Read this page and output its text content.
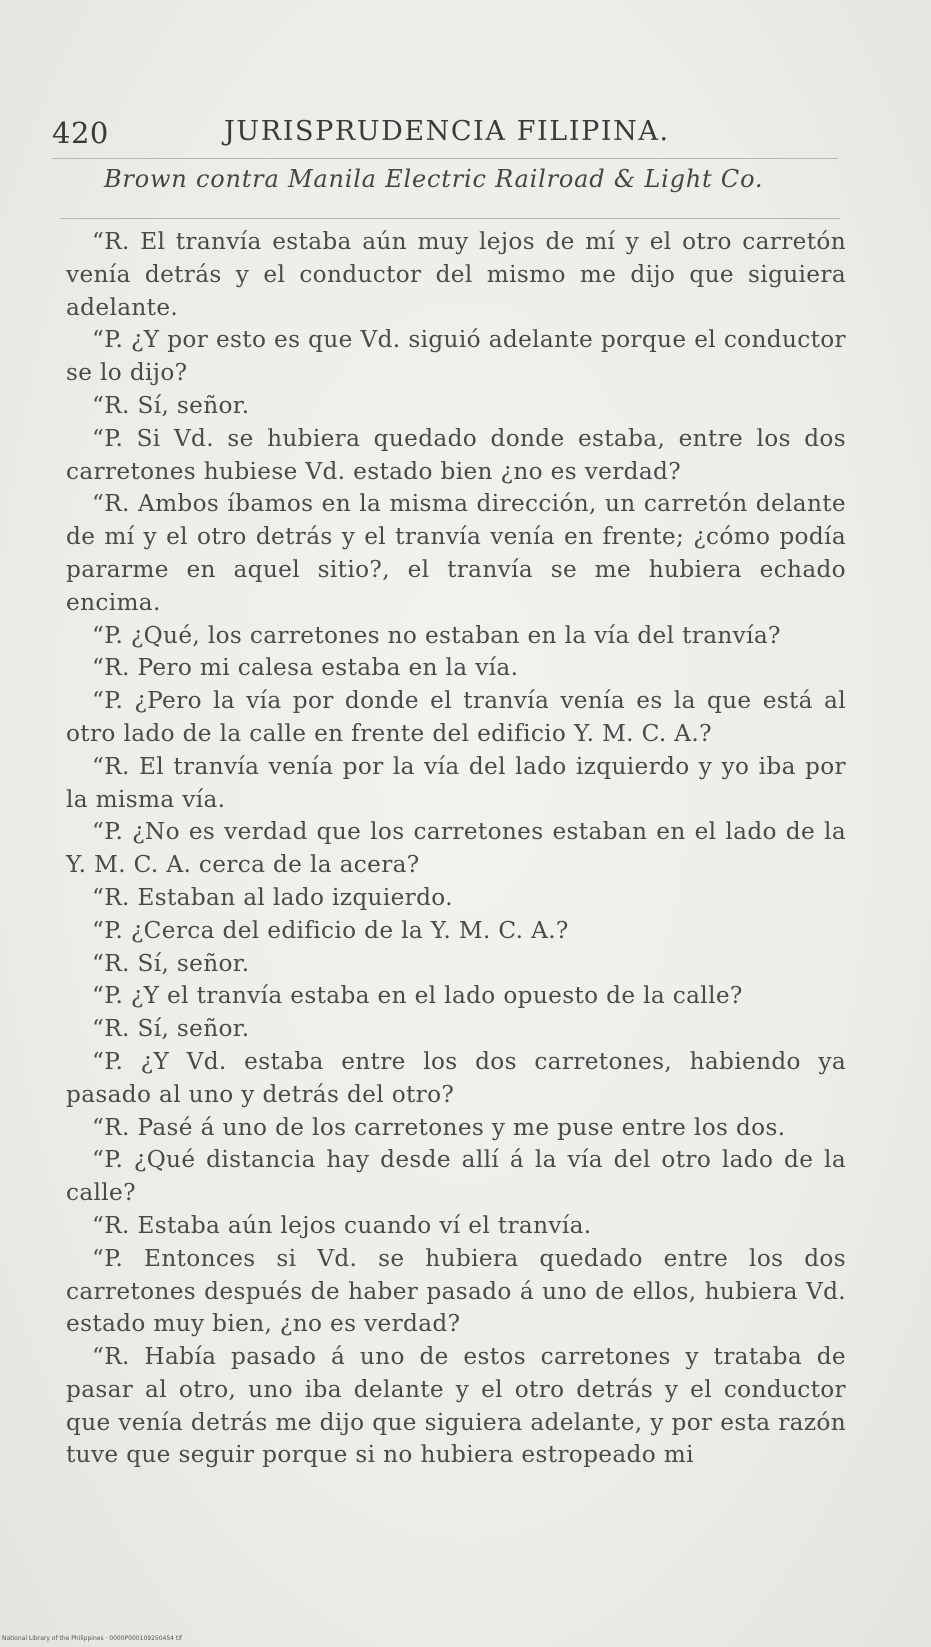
420	JURISPRUDENCIA FILIPINA.
Brown contra Manila Electric Railroad & Light Co.

“R. El tranvía estaba aún muy lejos de mí y el otro carretón venía detrás y el conductor del mismo me dijo que siguiera adelante.

“P. ¿Y por esto es que Vd. siguió adelante porque el conductor se lo dijo?

“R. Sí, señor.

“P. Si Vd. se hubiera quedado donde estaba, entre los dos carretones hubiese Vd. estado bien ¿no es verdad?

“R. Ambos íbamos en la misma dirección, un carretón delante de mí y el otro detrás y el tranvía venía en frente; ¿cómo podía pararme en aquel sitio?, el tranvía se me hubiera echado encima.

“P. ¿Qué, los carretones no estaban en la vía del tranvía?

“R. Pero mi calesa estaba en la vía.

“P. ¿Pero la vía por donde el tranvía venía es la que está al otro lado de la calle en frente del edificio Y. M. C. A.?

“R. El tranvía venía por la vía del lado izquierdo y yo iba por la misma vía.

“P. ¿No es verdad que los carretones estaban en el lado de la Y. M. C. A. cerca de la acera?

“R. Estaban al lado izquierdo.

“P. ¿Cerca del edificio de la Y. M. C. A.?

“R. Sí, señor.

“P. ¿Y el tranvía estaba en el lado opuesto de la calle?

“R. Sí, señor.

“P. ¿Y Vd. estaba entre los dos carretones, habiendo ya pasado al uno y detrás del otro?

“R. Pasé á uno de los carretones y me puse entre los dos.

“P. ¿Qué distancia hay desde allí á la vía del otro lado de la calle?

“R. Estaba aún lejos cuando ví el tranvía.

“P. Entonces si Vd. se hubiera quedado entre los dos carretones después de haber pasado á uno de ellos, hubiera Vd. estado muy bien, ¿no es verdad?

“R. Había pasado á uno de estos carretones y trataba de pasar al otro, uno iba delante y el otro detrás y el conductor que venía detrás me dijo que siguiera adelante, y por esta razón tuve que seguir porque si no hubiera estropeado mi

National Library of the Philippines · 0000P000109250454 tif
